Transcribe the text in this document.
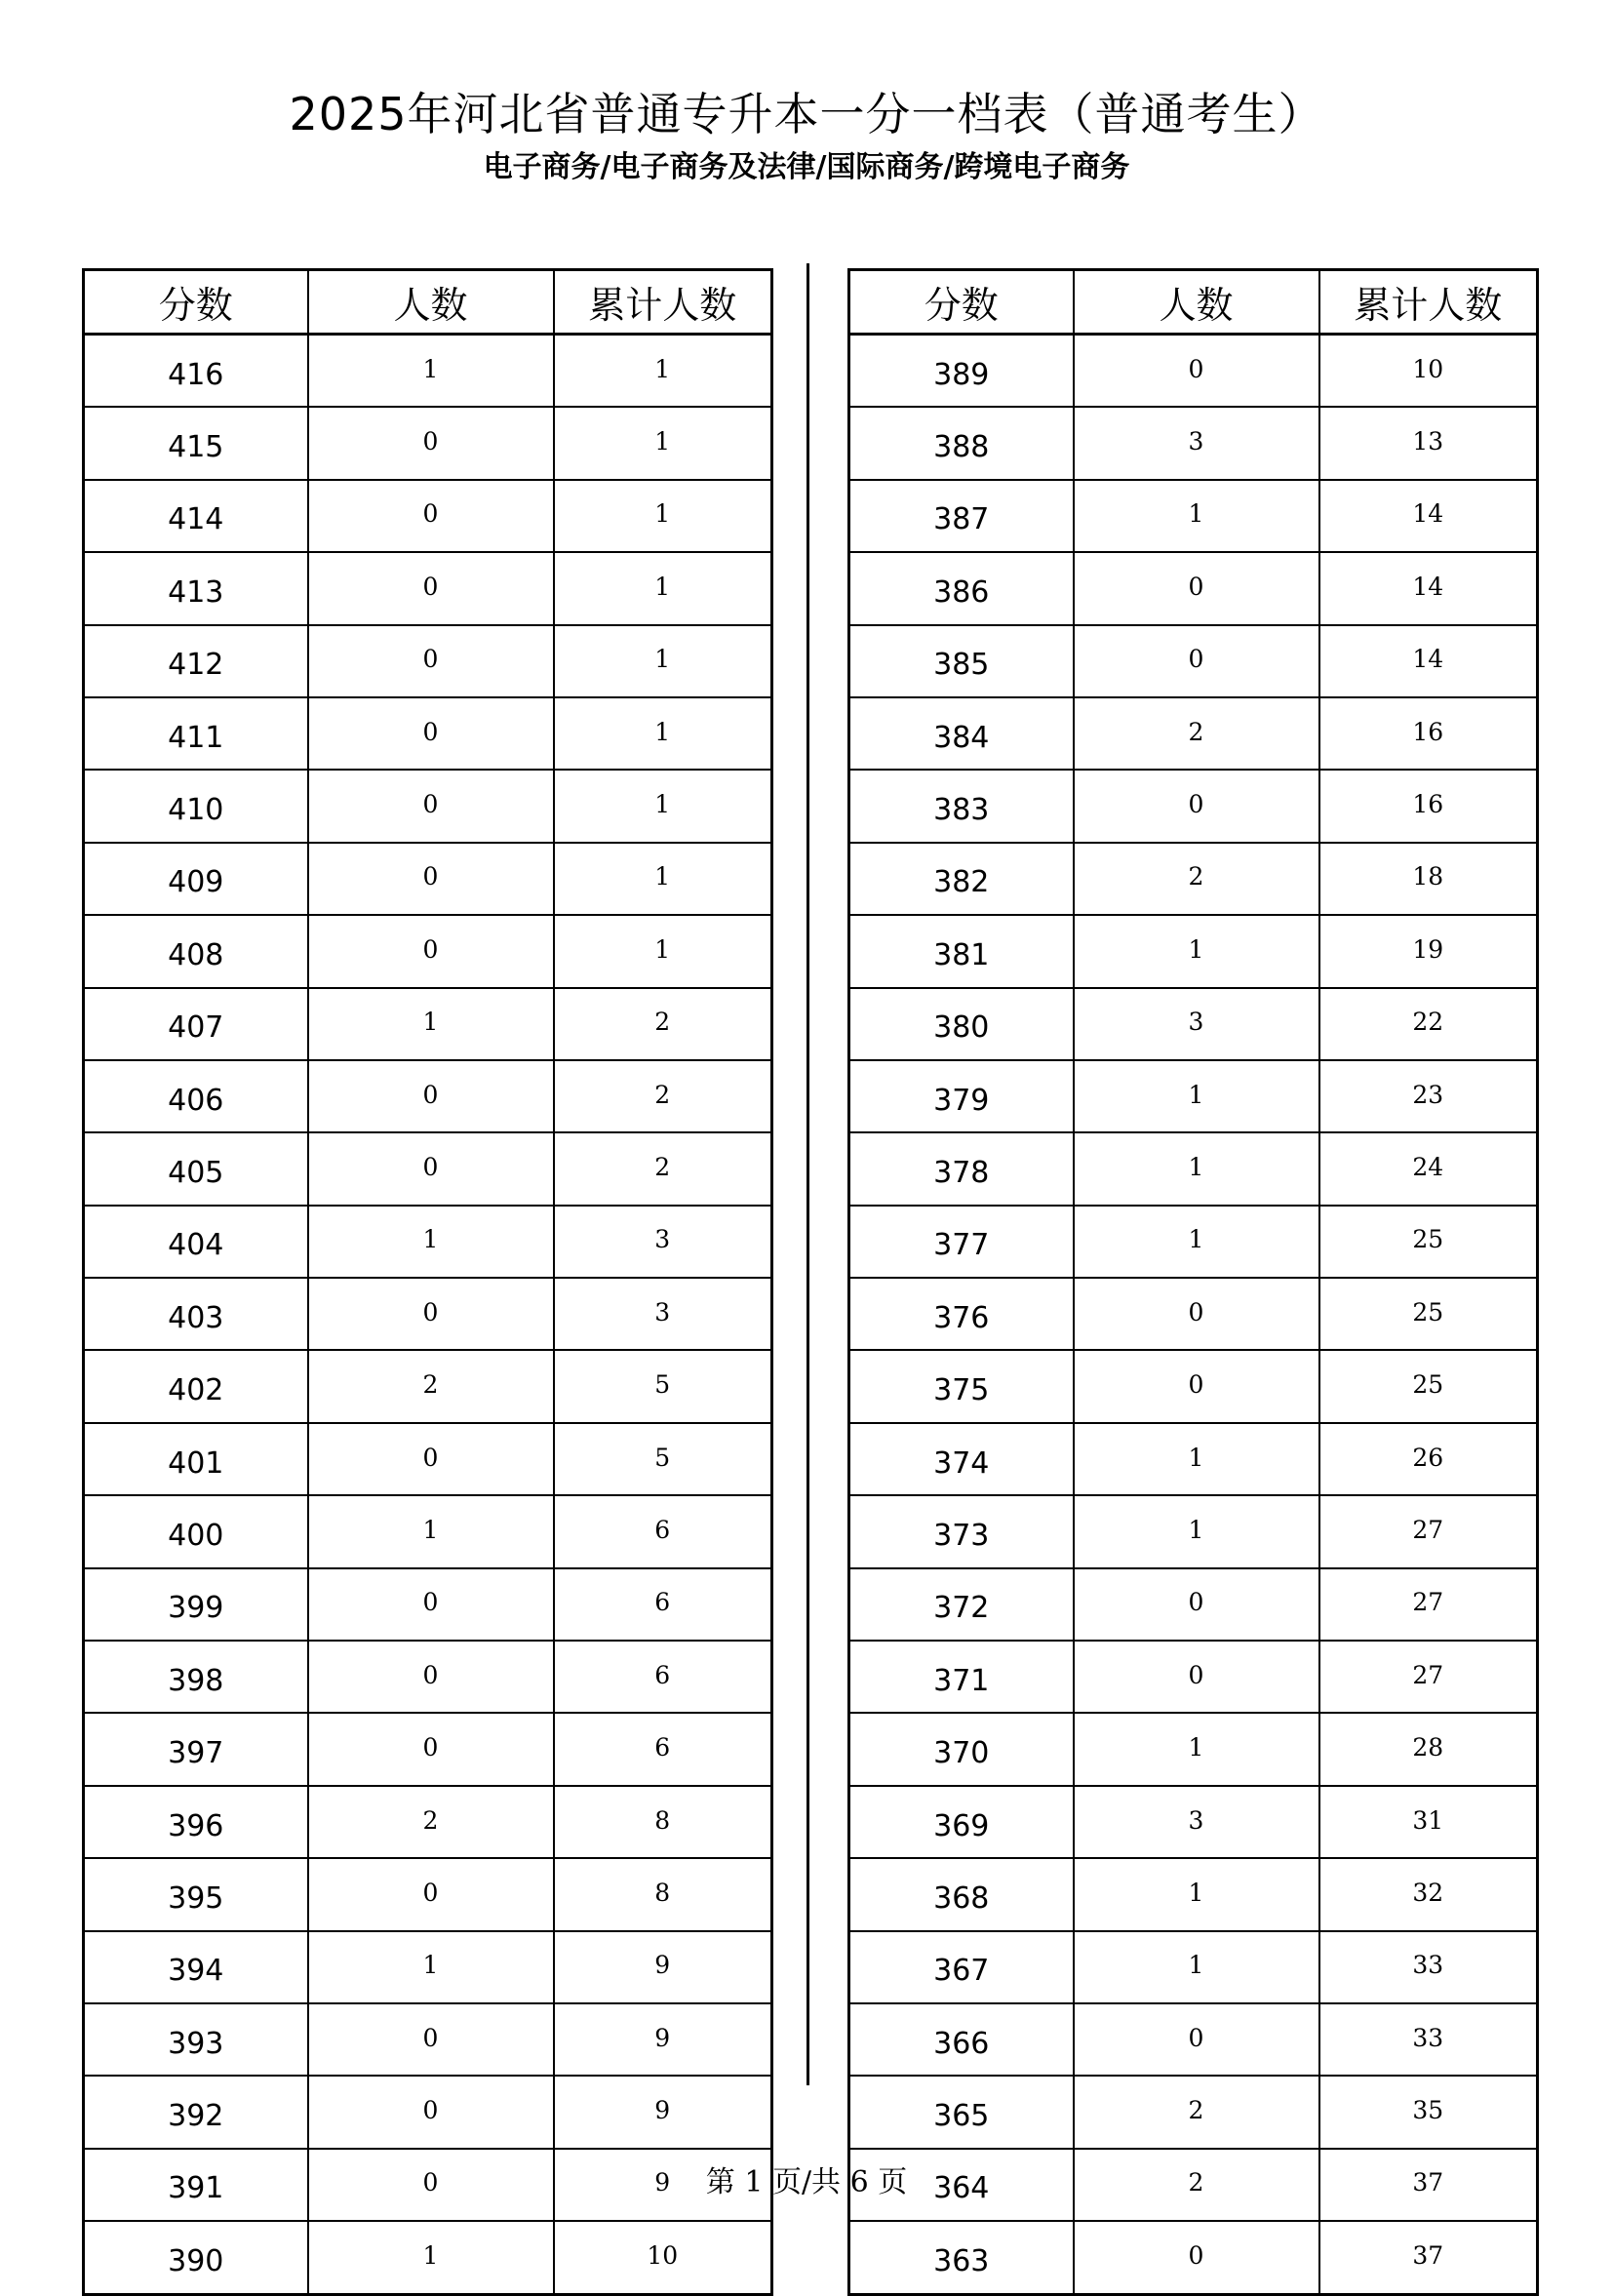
2025年河北省普通专升本一分一档表（普通考生）
电子商务/电子商务及法律/国际商务/跨境电子商务
分数	人数	累计人数
416	1	1
415	0	1
414	0	1
413	0	1
412	0	1
411	0	1
410	0	1
409	0	1
408	0	1
407	1	2
406	0	2
405	0	2
404	1	3
403	0	3
402	2	5
401	0	5
400	1	6
399	0	6
398	0	6
397	0	6
396	2	8
395	0	8
394	1	9
393	0	9
392	0	9
391	0	9
390	1	10
分数	人数	累计人数
389	0	10
388	3	13
387	1	14
386	0	14
385	0	14
384	2	16
383	0	16
382	2	18
381	1	19
380	3	22
379	1	23
378	1	24
377	1	25
376	0	25
375	0	25
374	1	26
373	1	27
372	0	27
371	0	27
370	1	28
369	3	31
368	1	32
367	1	33
366	0	33
365	2	35
364	2	37
363	0	37
第 1 页/共 6 页
